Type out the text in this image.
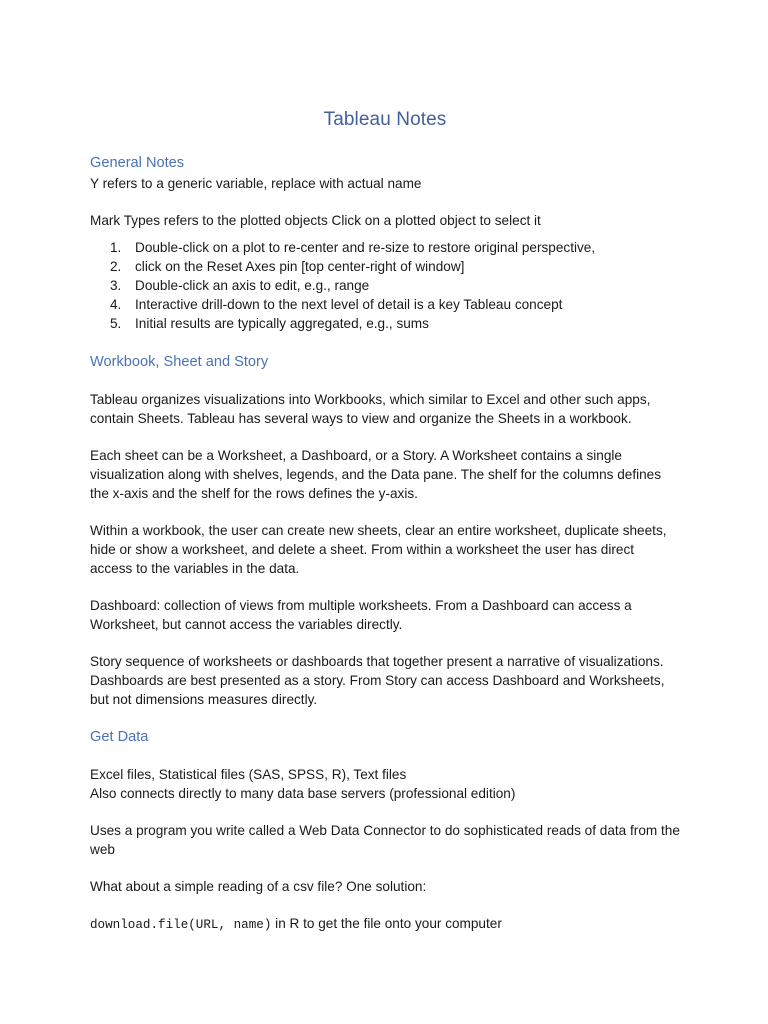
Tableau Notes
General Notes

Y refers to a generic variable, replace with actual name

Mark Types refers to the plotted objects Click on a plotted object to select it

1.	Double-click on a plot to re-center and re-size to restore original perspective,
2.	click on the Reset Axes pin [top center-right of window]
3.	Double-click an axis to edit, e.g., range
4.	Interactive drill-down to the next level of detail is a key Tableau concept
5.	Initial results are typically aggregated, e.g., sums
Workbook, Sheet and Story

Tableau organizes visualizations into Workbooks, which similar to Excel and other such apps, contain Sheets. Tableau has several ways to view and organize the Sheets in a workbook.

Each sheet can be a Worksheet, a Dashboard, or a Story. A Worksheet contains a single visualization along with shelves, legends, and the Data pane. The shelf for the columns defines the x-axis and the shelf for the rows defines the y-axis.

Within a workbook, the user can create new sheets, clear an entire worksheet, duplicate sheets, hide or show a worksheet, and delete a sheet. From within a worksheet the user has direct access to the variables in the data.

Dashboard: collection of views from multiple worksheets. From a Dashboard can access a Worksheet, but cannot access the variables directly.

Story sequence of worksheets or dashboards that together present a narrative of visualizations. Dashboards are best presented as a story. From Story can access Dashboard and Worksheets, but not dimensions measures directly.

Get Data

Excel files, Statistical files (SAS, SPSS, R), Text files

Also connects directly to many data base servers (professional edition)

Uses a program you write called a Web Data Connector to do sophisticated reads of data from the web

What about a simple reading of a csv file? One solution:

download.file(URL, name) in R to get the file onto your computer
